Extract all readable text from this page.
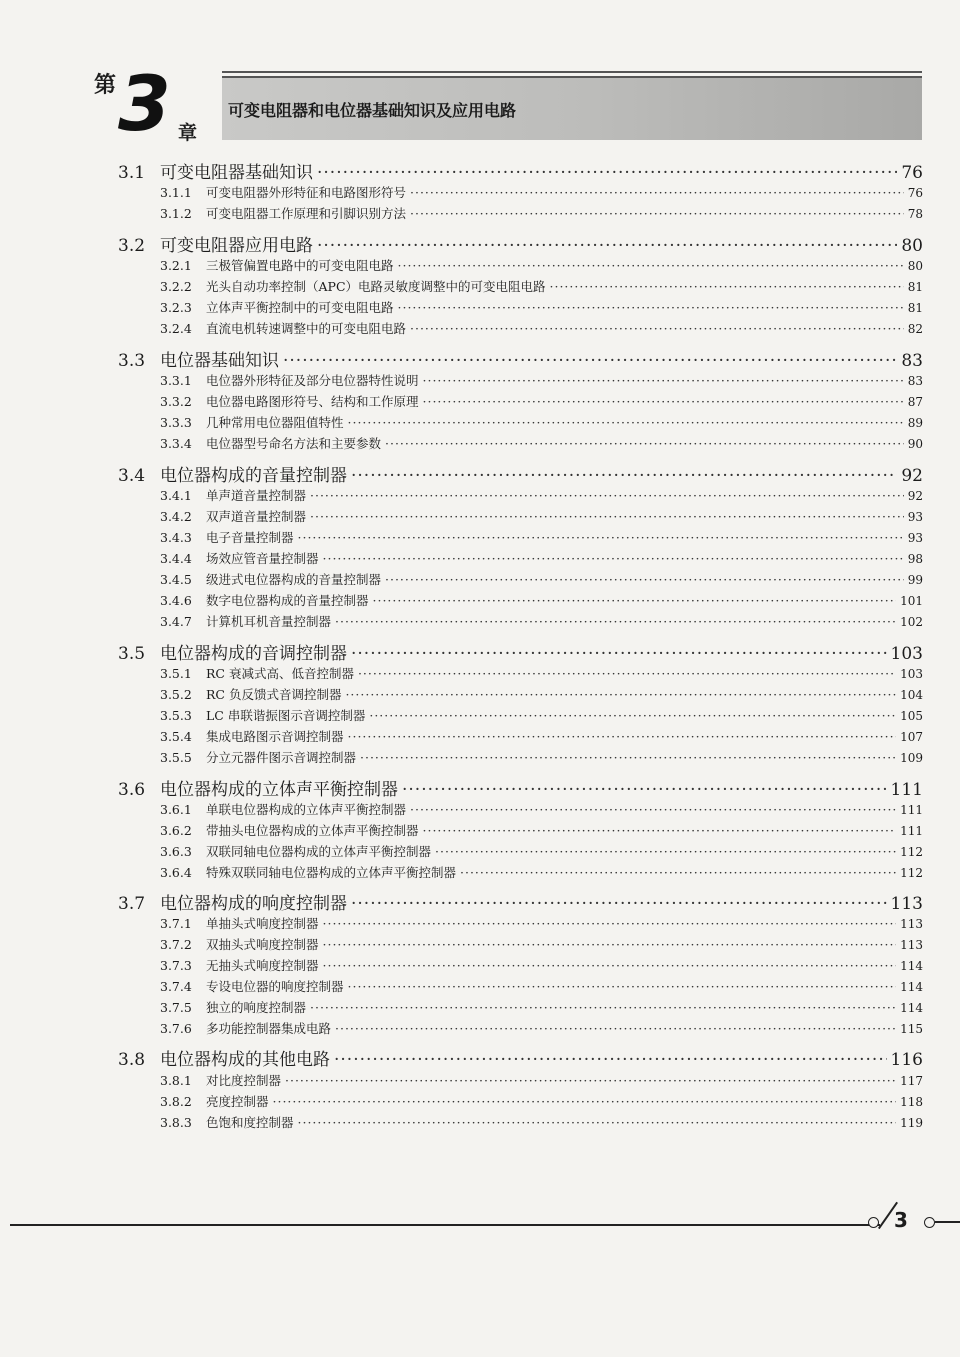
第 3 章
可变电阻器和电位器基础知识及应用电路
3.1 可变电阻器基础知识 ·····	76
3.1.1	可变电阻器外形特征和电路图形符号 ·····	76
3.1.2	可变电阻器工作原理和引脚识别方法 ·····	78
3.2 可变电阻器应用电路 ·····	80
3.2.1	三极管偏置电路中的可变电阻电路 ·····	80
3.2.2	光头自动功率控制（APC）电路灵敏度调整中的可变电阻电路 ·····	81
3.2.3	立体声平衡控制中的可变电阻电路 ·····	81
3.2.4	直流电机转速调整中的可变电阻电路 ·····	82
3.3 电位器基础知识 ·····	83
3.3.1	电位器外形特征及部分电位器特性说明 ·····	83
3.3.2	电位器电路图形符号、结构和工作原理 ·····	87
3.3.3	几种常用电位器阻值特性 ·····	89
3.3.4	电位器型号命名方法和主要参数 ·····	90
3.4 电位器构成的音量控制器 ·····	92
3.4.1	单声道音量控制器 ·····	92
3.4.2	双声道音量控制器 ·····	93
3.4.3	电子音量控制器 ·····	93
3.4.4	场效应管音量控制器 ·····	98
3.4.5	级进式电位器构成的音量控制器 ·····	99
3.4.6	数字电位器构成的音量控制器 ·····	101
3.4.7	计算机耳机音量控制器 ·····	102
3.5 电位器构成的音调控制器 ·····	103
3.5.1	RC 衰减式高、低音控制器 ·····	103
3.5.2	RC 负反馈式音调控制器 ·····	104
3.5.3	LC 串联谐振图示音调控制器 ·····	105
3.5.4	集成电路图示音调控制器 ·····	107
3.5.5	分立元器件图示音调控制器 ·····	109
3.6 电位器构成的立体声平衡控制器 ·····	111
3.6.1	单联电位器构成的立体声平衡控制器 ·····	111
3.6.2	带抽头电位器构成的立体声平衡控制器 ·····	111
3.6.3	双联同轴电位器构成的立体声平衡控制器 ·····	112
3.6.4	特殊双联同轴电位器构成的立体声平衡控制器 ·····	112
3.7 电位器构成的响度控制器 ·····	113
3.7.1	单抽头式响度控制器 ·····	113
3.7.2	双抽头式响度控制器 ·····	113
3.7.3	无抽头式响度控制器 ·····	114
3.7.4	专设电位器的响度控制器 ·····	114
3.7.5	独立的响度控制器 ·····	114
3.7.6	多功能控制器集成电路 ·····	115
3.8 电位器构成的其他电路 ·····	116
3.8.1	对比度控制器 ·····	117
3.8.2	亮度控制器 ·····	118
3.8.3	色饱和度控制器 ·····	119
3
